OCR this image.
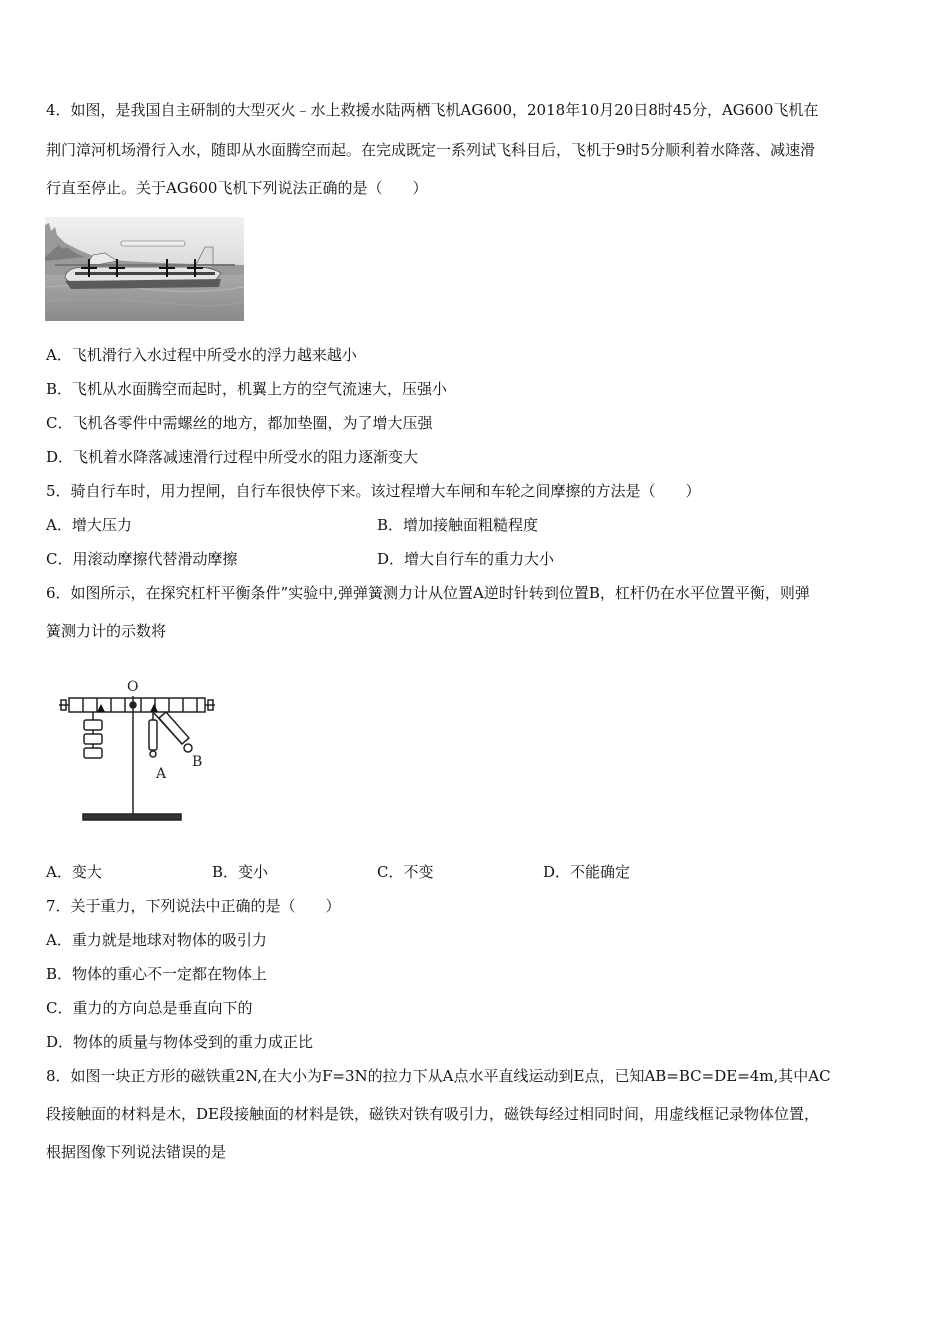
4．如图，是我国自主研制的大型灭火﹣水上救援水陆两栖飞机AG600，2018年10月20日8时45分，AG600飞机在
荆门漳河机场滑行入水，随即从水面腾空而起。在完成既定一系列试飞科目后，飞机于9时5分顺利着水降落、减速滑
行直至停止。关于AG600飞机下列说法正确的是（　　）
A．飞机滑行入水过程中所受水的浮力越来越小
B．飞机从水面腾空而起时，机翼上方的空气流速大，压强小
C．飞机各零件中需螺丝的地方，都加垫圈，为了增大压强
D．飞机着水降落减速滑行过程中所受水的阻力逐渐变大
5．骑自行车时，用力捏闸，自行车很快停下来。该过程增大车闸和车轮之间摩擦的方法是（　　）
A．增大压力	B．增加接触面粗糙程度
C．用滚动摩擦代替滑动摩擦	D．增大自行车的重力大小
6．如图所示，在探究杠杆平衡条件”实验中,弹弹簧测力计从位置A逆时针转到位置B，杠杆仍在水平位置平衡，则弹
簧测力计的示数将
O
A
B
A．变大	B．变小	C．不变	D．不能确定
7．关于重力，下列说法中正确的是（　　）
A．重力就是地球对物体的吸引力
B．物体的重心不一定都在物体上
C．重力的方向总是垂直向下的
D．物体的质量与物体受到的重力成正比
8．如图一块正方形的磁铁重2N,在大小为F=3N的拉力下从A点水平直线运动到E点，已知AB=BC=DE=4m,其中AC
段接触面的材料是木，DE段接触面的材料是铁，磁铁对铁有吸引力，磁铁每经过相同时间，用虚线框记录物体位置，
根据图像下列说法错误的是
